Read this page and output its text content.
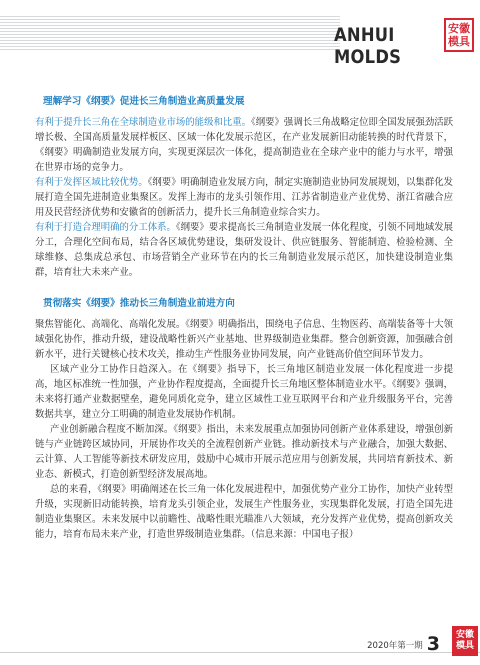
ANHUI MOLDS
安徽
模具
理解学习《纲要》促进长三角制造业高质量发展

有利于提升长三角在全球制造业市场的能级和比重。《纲要》强调长三角战略定位即全国发展强劲活跃增长极、全国高质量发展样板区、区域一体化发展示范区，在产业发展新旧动能转换的时代背景下，《纲要》明确制造业发展方向，实现更深层次一体化，提高制造业在全球产业中的能力与水平，增强在世界市场的竞争力。

有利于发挥区域比较优势。《纲要》明确制造业发展方向，制定实施制造业协同发展规划，以集群化发展打造全国先进制造业集聚区。发挥上海市的龙头引领作用、江苏省制造业产业优势、浙江省融合应用及民营经济优势和安徽省的创新活力，提升长三角制造业综合实力。

有利于打造合理明确的分工体系。《纲要》要求提高长三角制造业发展一体化程度，引领不同地域发展分工，合理化空间布局，结合各区域优势建设，集研发设计、供应链服务、智能制造、检验检测、全球维修、总集成总承包、市场营销全产业环节在内的长三角制造业发展示范区，加快建设制造业集群，培育壮大未来产业。

贯彻落实《纲要》推动长三角制造业前进方向

聚焦智能化、高端化、高端化发展。《纲要》明确指出，围绕电子信息、生物医药、高端装备等十大领域强化协作，推动升级，建设战略性新兴产业基地、世界级制造业集群。整合创新资源，加强融合创新水平，进行关键核心技术攻关，推动生产性服务业协同发展，向产业链高价值空间环节发力。

区域产业分工协作日趋深入。在《纲要》指导下，长三角地区制造业发展一体化程度进一步提高，地区标准统一性加强，产业协作程度提高，全面提升长三角地区整体制造业水平。《纲要》强调，未来将打通产业数据壁垒，避免同质化竞争，建立区域性工业互联网平台和产业升级服务平台，完善数据共享，建立分工明确的制造业发展协作机制。

产业创新融合程度不断加深。《纲要》指出，未来发展重点加强协同创新产业体系建设，增强创新链与产业链跨区域协同，开展协作攻关的全流程创新产业链。推动新技术与产业融合，加强大数据、云计算、人工智能等新技术研发应用，鼓励中心城市开展示范应用与创新发展，共同培育新技术、新业态、新模式，打造创新型经济发展高地。

总的来看，《纲要》明确阐述在长三角一体化发展进程中，加强优势产业分工协作，加快产业转型升级，实现新旧动能转换，培育龙头引领企业，发展生产性服务业，实现集群化发展，打造全国先进制造业集聚区。未来发展中以前瞻性、战略性眼光瞄准八大领域，充分发挥产业优势，提高创新攻关能力，培育布局未来产业，打造世界级制造业集群。（信息来源：中国电子报）

2020年第一期 3 安徽
模具
